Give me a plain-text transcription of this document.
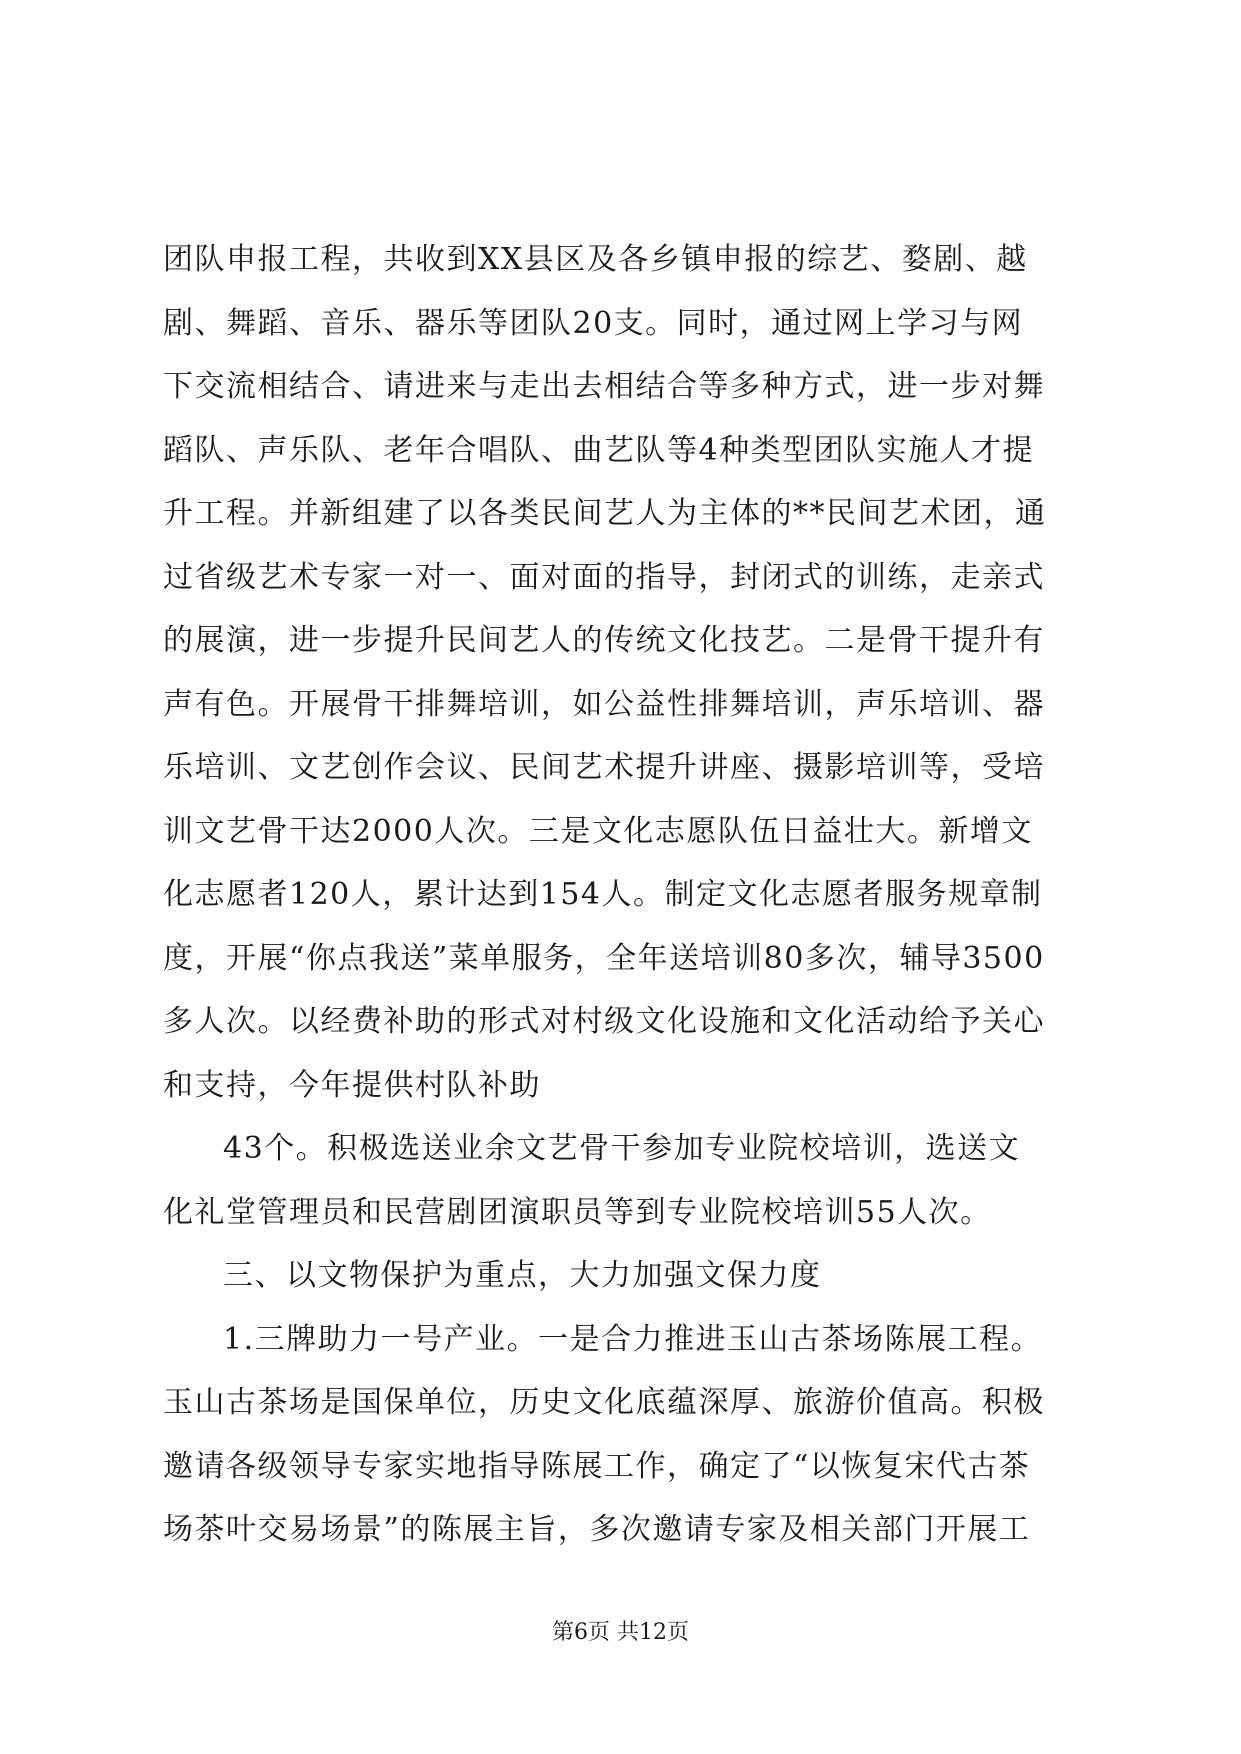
团队申报工程，共收到XX县区及各乡镇申报的综艺、婺剧、越
剧、舞蹈、音乐、器乐等团队20支。同时，通过网上学习与网
下交流相结合、请进来与走出去相结合等多种方式，进一步对舞
蹈队、声乐队、老年合唱队、曲艺队等4种类型团队实施人才提
升工程。并新组建了以各类民间艺人为主体的**民间艺术团，通
过省级艺术专家一对一、面对面的指导，封闭式的训练，走亲式
的展演，进一步提升民间艺人的传统文化技艺。二是骨干提升有
声有色。开展骨干排舞培训，如公益性排舞培训，声乐培训、器
乐培训、文艺创作会议、民间艺术提升讲座、摄影培训等，受培
训文艺骨干达2000人次。三是文化志愿队伍日益壮大。新增文
化志愿者120人，累计达到154人。制定文化志愿者服务规章制
度，开展“你点我送”菜单服务，全年送培训80多次，辅导3500
多人次。以经费补助的形式对村级文化设施和文化活动给予关心
和支持，今年提供村队补助
43个。积极选送业余文艺骨干参加专业院校培训，选送文
化礼堂管理员和民营剧团演职员等到专业院校培训55人次。
三、以文物保护为重点，大力加强文保力度
1.三牌助力一号产业。一是合力推进玉山古茶场陈展工程。
玉山古茶场是国保单位，历史文化底蕴深厚、旅游价值高。积极
邀请各级领导专家实地指导陈展工作，确定了“以恢复宋代古茶
场茶叶交易场景”的陈展主旨，多次邀请专家及相关部门开展工
第6页 共12页
